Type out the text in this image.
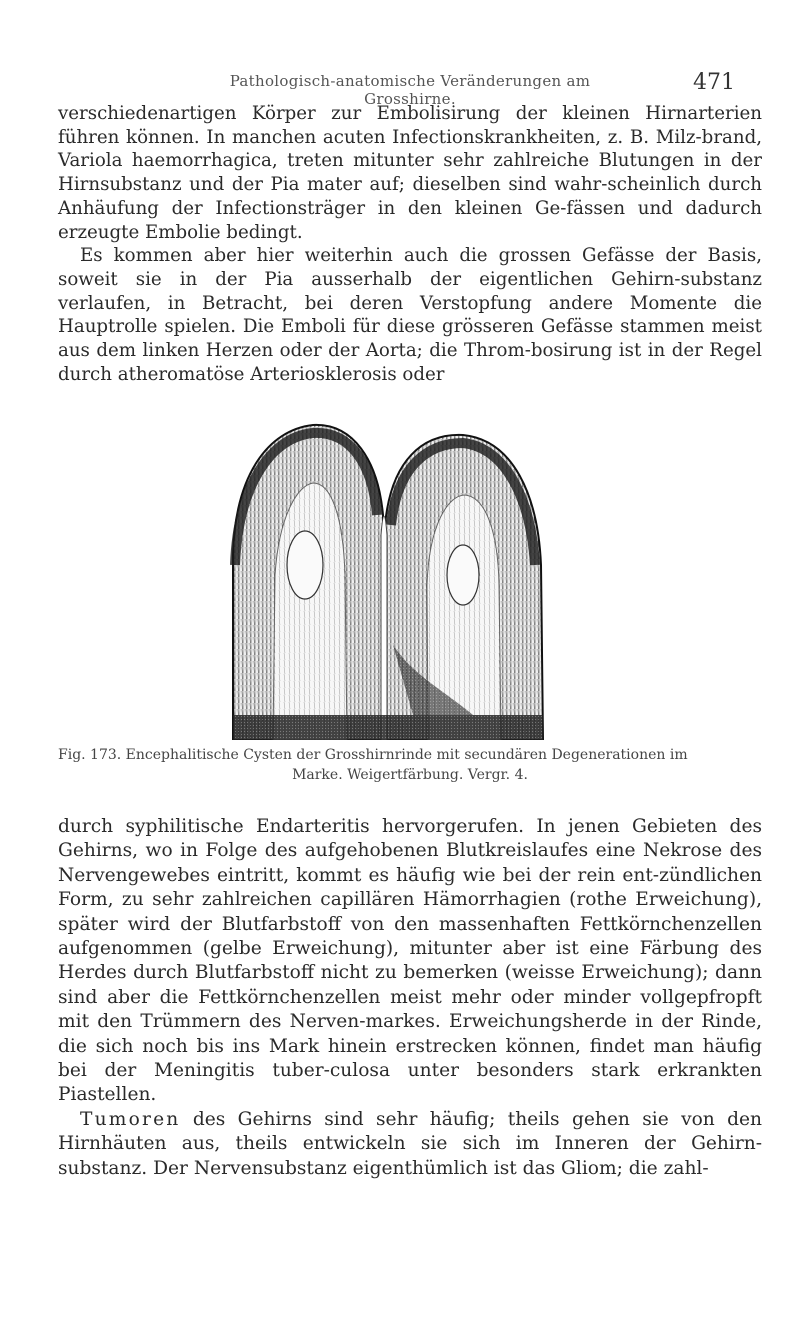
Pathologisch-anatomische Veränderungen am Grosshirne.
471

verschiedenartigen Körper zur Embolisirung der kleinen Hirnarterien führen können. In manchen acuten Infectionskrankheiten, z. B. Milz-brand, Variola haemorrhagica, treten mitunter sehr zahlreiche Blutungen in der Hirnsubstanz und der Pia mater auf; dieselben sind wahr-scheinlich durch Anhäufung der Infectionsträger in den kleinen Ge-fässen und dadurch erzeugte Embolie bedingt.

Es kommen aber hier weiterhin auch die grossen Gefässe der Basis, soweit sie in der Pia ausserhalb der eigentlichen Gehirn-substanz verlaufen, in Betracht, bei deren Verstopfung andere Momente die Hauptrolle spielen. Die Emboli für diese grösseren Gefässe stammen meist aus dem linken Herzen oder der Aorta; die Throm-bosirung ist in der Regel durch atheromatöse Arteriosklerosis oder

Fig. 173. Encephalitische Cysten der Grosshirnrinde mit secundären Degenerationen im
Marke. Weigertfärbung. Vergr. 4.

durch syphilitische Endarteritis hervorgerufen. In jenen Gebieten des Gehirns, wo in Folge des aufgehobenen Blutkreislaufes eine Nekrose des Nervengewebes eintritt, kommt es häufig wie bei der rein ent-zündlichen Form, zu sehr zahlreichen capillären Hämorrhagien (rothe Erweichung), später wird der Blutfarbstoff von den massenhaften Fettkörnchenzellen aufgenommen (gelbe Erweichung), mitunter aber ist eine Färbung des Herdes durch Blutfarbstoff nicht zu bemerken (weisse Erweichung); dann sind aber die Fettkörnchenzellen meist mehr oder minder vollgepfropft mit den Trümmern des Nerven-markes. Erweichungsherde in der Rinde, die sich noch bis ins Mark hinein erstrecken können, findet man häufig bei der Meningitis tuber-culosa unter besonders stark erkrankten Piastellen.

Tumoren des Gehirns sind sehr häufig; theils gehen sie von den Hirnhäuten aus, theils entwickeln sie sich im Inneren der Gehirn-substanz. Der Nervensubstanz eigenthümlich ist das Gliom; die zahl-
